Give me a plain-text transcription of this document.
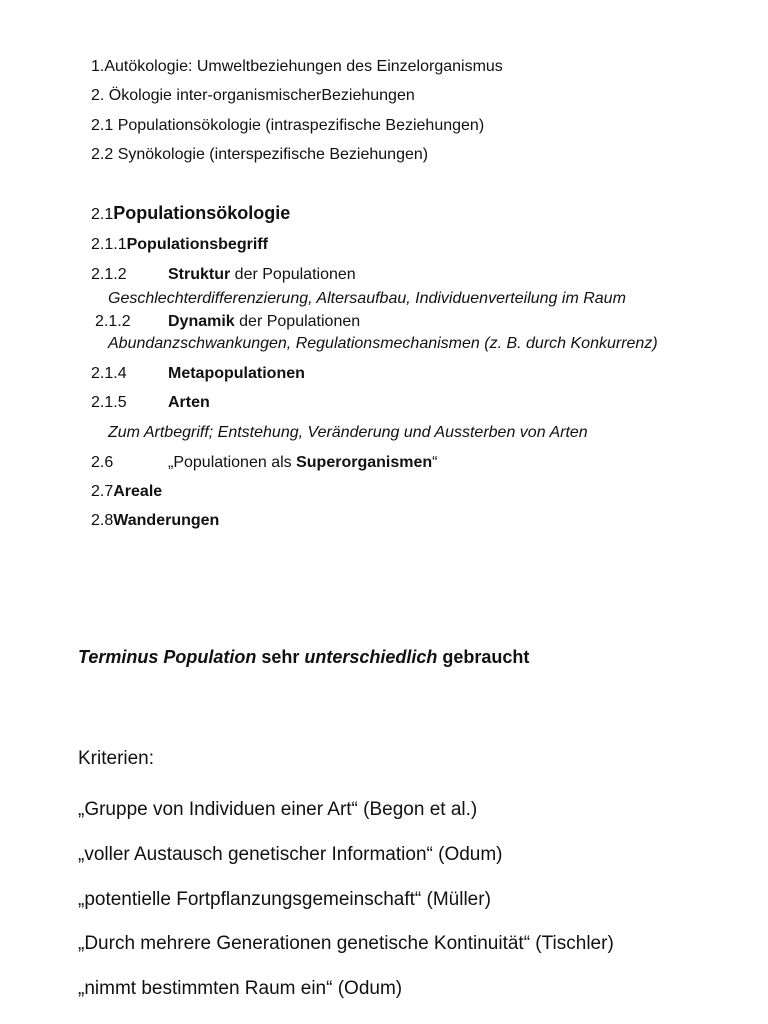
1.Autökologie: Umweltbeziehungen des Einzelorganismus
2. Ökologie inter-organismischerBeziehungen
2.1 Populationsökologie (intraspezifische Beziehungen)
2.2 Synökologie (interspezifische Beziehungen)
2.1Populationsökologie
2.1.1Populationsbegriff
2.1.2	Struktur der Populationen
Geschlechterdifferenzierung, Altersaufbau, Individuenverteilung im Raum
2.1.2 Dynamik der Populationen
Abundanzschwankungen, Regulationsmechanismen (z. B. durch Konkurrenz)
2.1.4	Metapopulationen
2.1.5	Arten
Zum Artbegriff; Entstehung, Veränderung und Aussterben von Arten
2.6	„Populationen als Superorganismen“
2.7Areale
2.8Wanderungen
Terminus Population sehr unterschiedlich gebraucht
Kriterien:
„Gruppe von Individuen einer Art“ (Begon et al.)
„voller Austausch genetischer Information“ (Odum)
„potentielle Fortpflanzungsgemeinschaft“ (Müller)
„Durch mehrere Generationen genetische Kontinuität“ (Tischler)
„nimmt bestimmten Raum ein“ (Odum)
